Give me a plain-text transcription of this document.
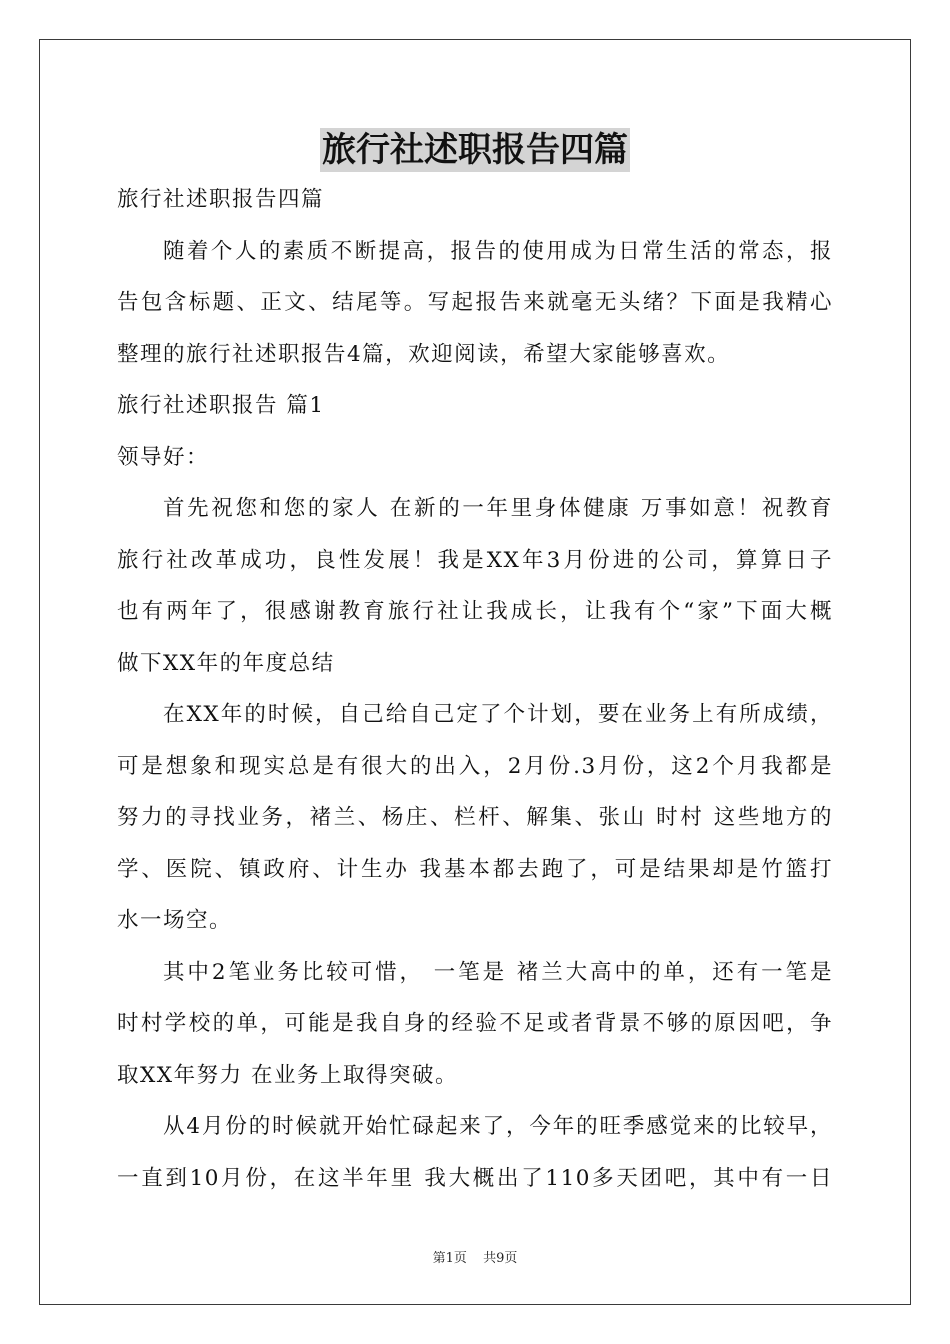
旅行社述职报告四篇
旅行社述职报告四篇
随着个人的素质不断提高，报告的使用成为日常生活的常态，报
告包含标题、正文、结尾等。写起报告来就毫无头绪？下面是我精心
整理的旅行社述职报告4篇，欢迎阅读，希望大家能够喜欢。
旅行社述职报告 篇1
领导好：
首先祝您和您的家人 在新的一年里身体健康 万事如意！祝教育
旅行社改革成功，良性发展！我是XX年3月份进的公司，算算日子
也有两年了，很感谢教育旅行社让我成长，让我有个“家”下面大概
做下XX年的年度总结
在XX年的时候，自己给自己定了个计划，要在业务上有所成绩，
可是想象和现实总是有很大的出入，2月份.3月份，这2个月我都是
努力的寻找业务，褚兰、杨庄、栏杆、解集、张山 时村 这些地方的
学、医院、镇政府、计生办 我基本都去跑了，可是结果却是竹篮打
水一场空。
其中2笔业务比较可惜， 一笔是 褚兰大高中的单，还有一笔是
时村学校的单，可能是我自身的经验不足或者背景不够的原因吧，争
取XX年努力 在业务上取得突破。
从4月份的时候就开始忙碌起来了，今年的旺季感觉来的比较早，
一直到10月份，在这半年里 我大概出了110多天团吧，其中有一日
第1页 共9页
